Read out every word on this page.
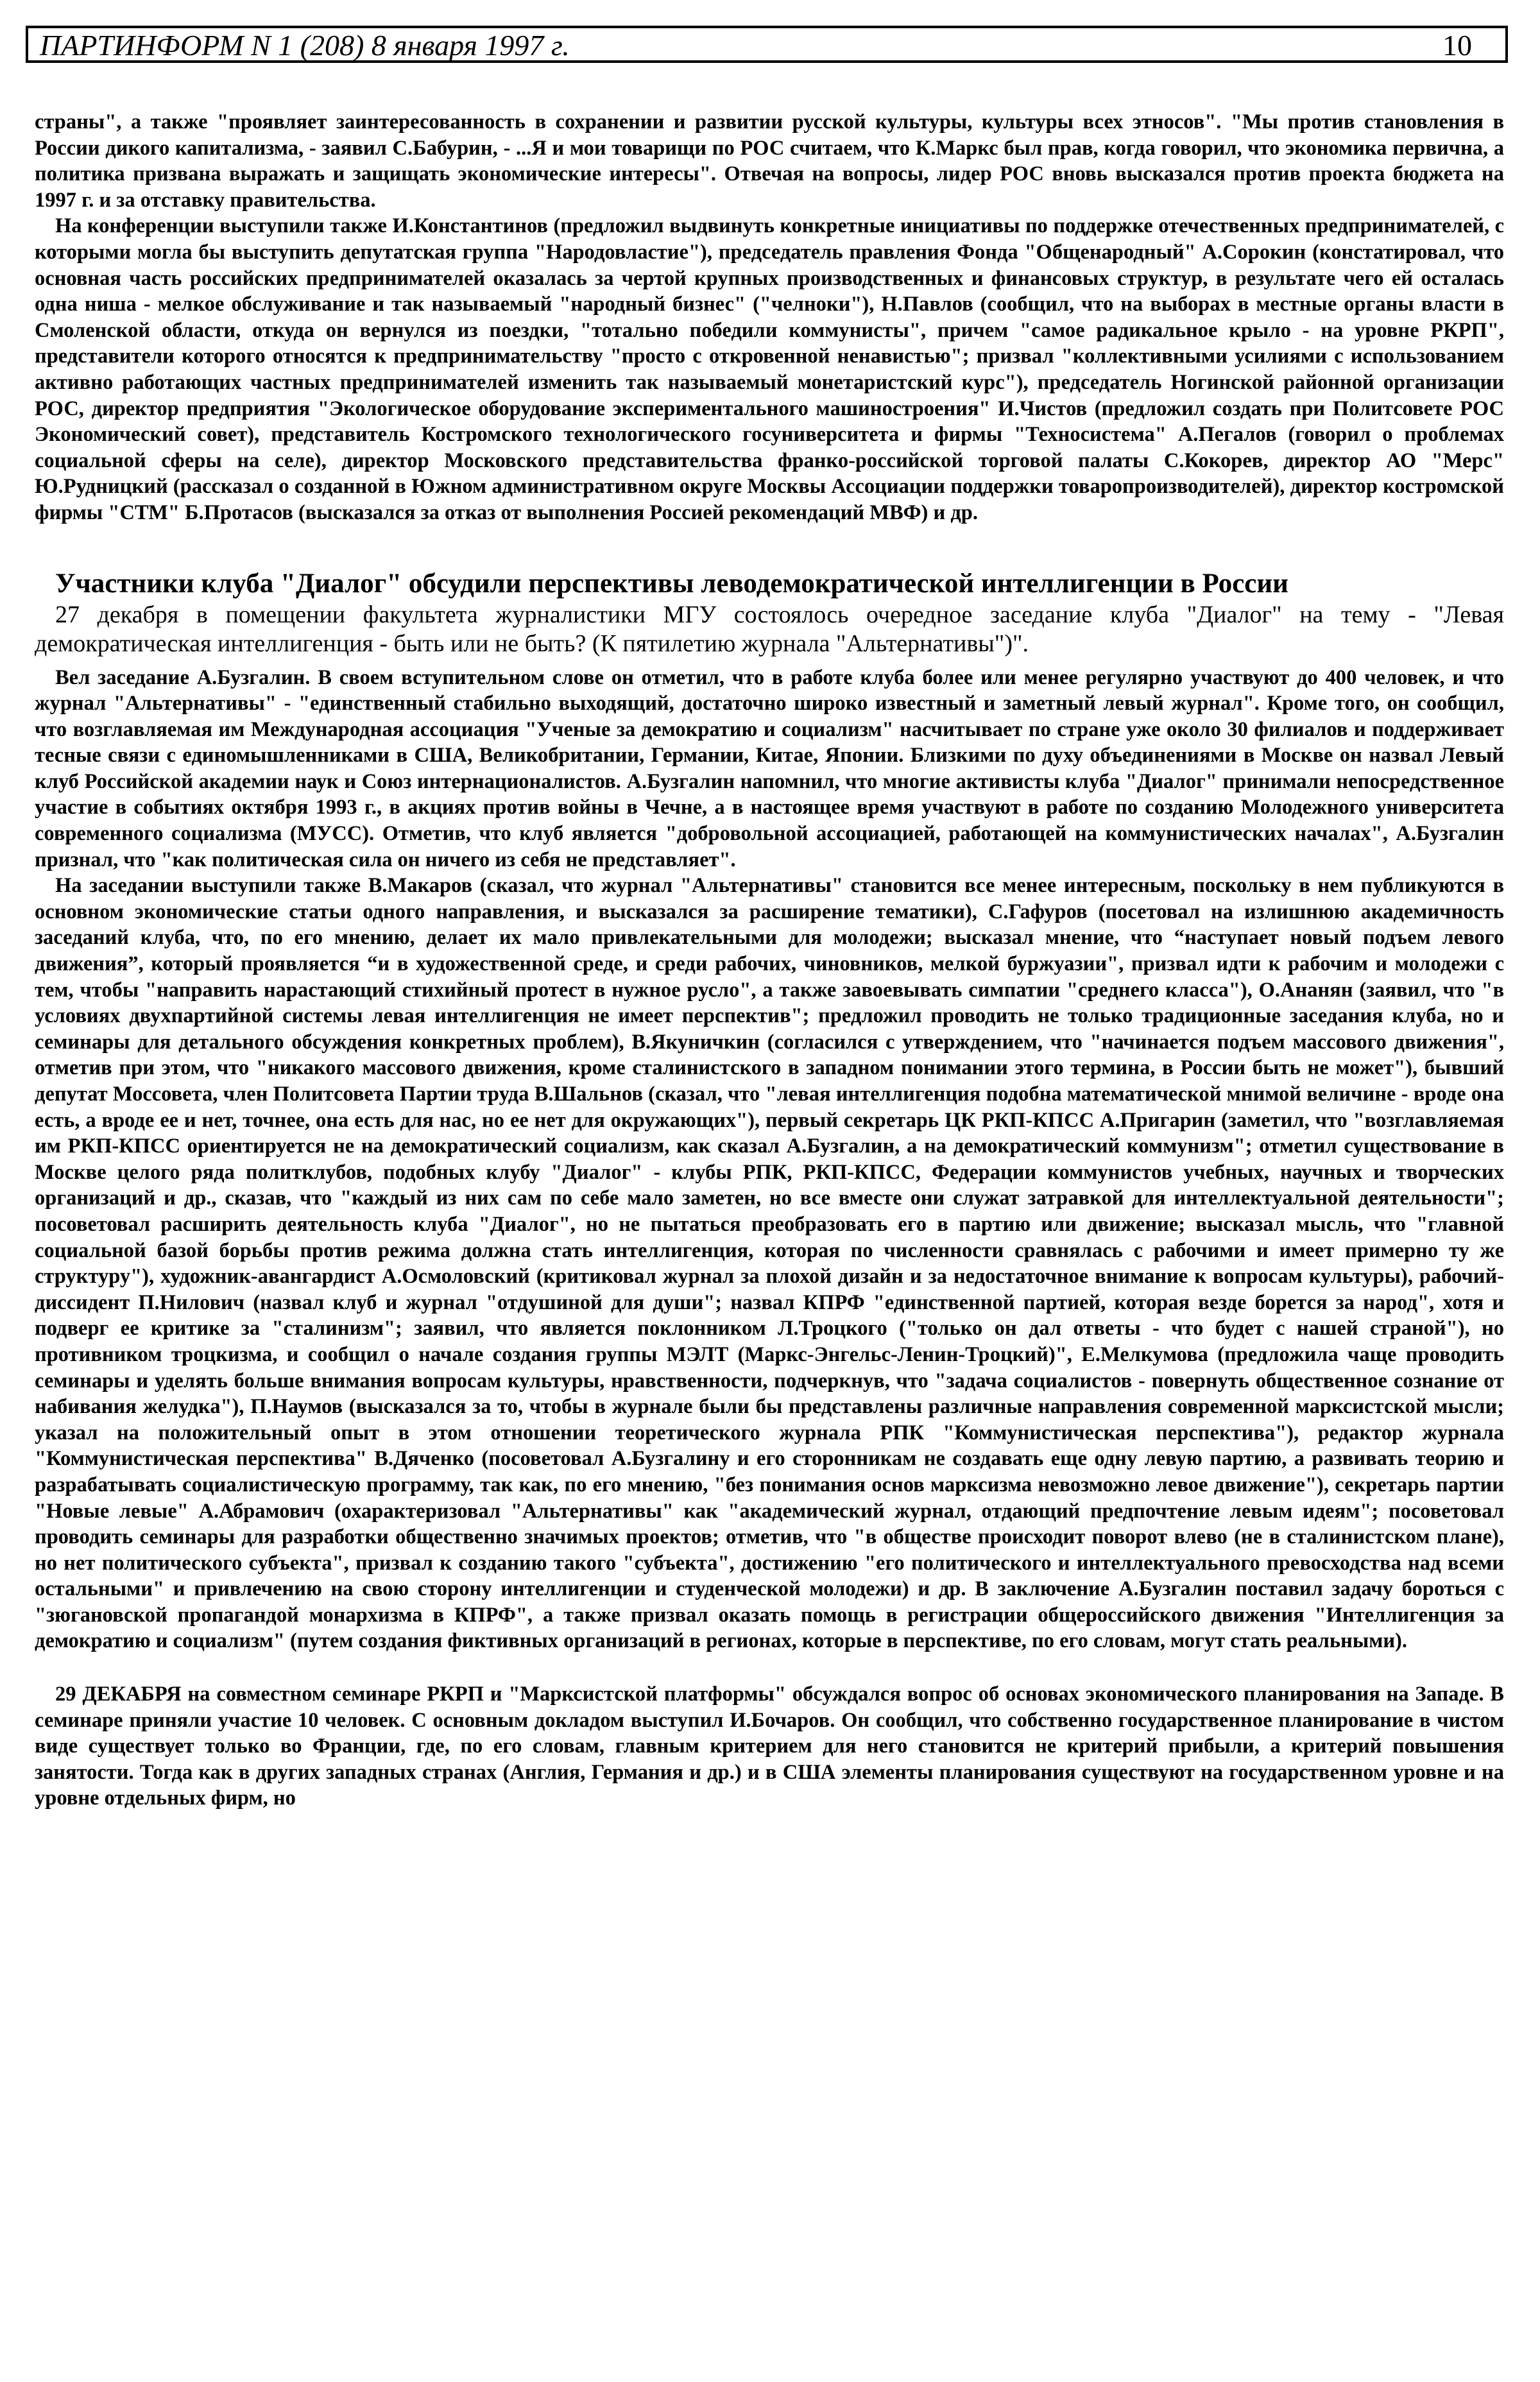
ПАРТИНФОРМ N 1 (208) 8 января 1997 г.	10

страны", а также "проявляет заинтересованность в сохранении и развитии русской культуры, культуры всех этносов". "Мы против становления в России дикого капитализма, - заявил С.Бабурин, - ...Я и мои товарищи по РОС считаем, что К.Маркс был прав, когда говорил, что экономика первична, а политика призвана выражать и защищать экономические интересы". Отвечая на вопросы, лидер РОС вновь высказался против проекта бюджета на 1997 г. и за отставку правительства.

На конференции выступили также И.Константинов (предложил выдвинуть конкретные инициативы по поддержке отечественных предпринимателей, с которыми могла бы выступить депутатская группа "Народовластие"), председатель правления Фонда "Общенародный" А.Сорокин (констатировал, что основная часть российских предпринимателей оказалась за чертой крупных производственных и финансовых структур, в результате чего ей осталась одна ниша - мелкое обслуживание и так называемый "народный бизнес" ("челноки"), Н.Павлов (сообщил, что на выборах в местные органы власти в Смоленской области, откуда он вернулся из поездки, "тотально победили коммунисты", причем "самое радикальное крыло - на уровне РКРП", представители которого относятся к предпринимательству "просто с откровенной ненавистью"; призвал "коллективными усилиями с использованием активно работающих частных предпринимателей изменить так называемый монетаристский курс"), председатель Ногинской районной организации РОС, директор предприятия "Экологическое оборудование экспериментального машиностроения" И.Чистов (предложил создать при Политсовете РОС Экономический совет), представитель Костромского технологического госуниверситета и фирмы "Техносистема" А.Пегалов (говорил о проблемах социальной сферы на селе), директор Московского представительства франко-российской торговой палаты С.Кокорев, директор АО "Мерс" Ю.Рудницкий (рассказал о созданной в Южном административном округе Москвы Ассоциации поддержки товаропроизводителей), директор костромской фирмы "СТМ" Б.Протасов (высказался за отказ от выполнения Россией рекомендаций МВФ) и др.

Участники клуба "Диалог" обсудили перспективы леводемократической интеллигенции в России

27 декабря в помещении факультета журналистики МГУ состоялось очередное заседание клуба "Диалог" на тему - "Левая демократическая интеллигенция - быть или не быть? (К пятилетию журнала "Альтернативы")".

Вел заседание А.Бузгалин. В своем вступительном слове он отметил, что в работе клуба более или менее регулярно участвуют до 400 человек, и что журнал "Альтернативы" - "единственный стабильно выходящий, достаточно широко известный и заметный левый журнал". Кроме того, он сообщил, что возглавляемая им Международная ассоциация "Ученые за демократию и социализм" насчитывает по стране уже около 30 филиалов и поддерживает тесные связи с единомышленниками в США, Великобритании, Германии, Китае, Японии. Близкими по духу объединениями в Москве он назвал Левый клуб Российской академии наук и Союз интернационалистов. А.Бузгалин напомнил, что многие активисты клуба "Диалог" принимали непосредственное участие в событиях октября 1993 г., в акциях против войны в Чечне, а в настоящее время участвуют в работе по созданию Молодежного университета современного социализма (МУСС). Отметив, что клуб является "добровольной ассоциацией, работающей на коммунистических началах", А.Бузгалин признал, что "как политическая сила он ничего из себя не представляет".

На заседании выступили также В.Макаров (сказал, что журнал "Альтернативы" становится все менее интересным, поскольку в нем публикуются в основном экономические статьи одного направления, и высказался за расширение тематики), С.Гафуров (посетовал на излишнюю академичность заседаний клуба, что, по его мнению, делает их мало привлекательными для молодежи; высказал мнение, что “наступает новый подъем левого движения”, который проявляется “и в художественной среде, и среди рабочих, чиновников, мелкой буржуазии", призвал идти к рабочим и молодежи с тем, чтобы "направить нарастающий стихийный протест в нужное русло", а также завоевывать симпатии "среднего класса"), О.Ананян (заявил, что "в условиях двухпартийной системы левая интеллигенция не имеет перспектив"; предложил проводить не только традиционные заседания клуба, но и семинары для детального обсуждения конкретных проблем), В.Якуничкин (согласился с утверждением, что "начинается подъем массового движения", отметив при этом, что "никакого массового движения, кроме сталинистского в западном понимании этого термина, в России быть не может"), бывший депутат Моссовета, член Политсовета Партии труда В.Шальнов (сказал, что "левая интеллигенция подобна математической мнимой величине - вроде она есть, а вроде ее и нет, точнее, она есть для нас, но ее нет для окружающих"), первый секретарь ЦК РКП-КПСС А.Пригарин (заметил, что "возглавляемая им РКП-КПСС ориентируется не на демократический социализм, как сказал А.Бузгалин, а на демократический коммунизм"; отметил существование в Москве целого ряда политклубов, подобных клубу "Диалог" - клубы РПК, РКП-КПСС, Федерации коммунистов учебных, научных и творческих организаций и др., сказав, что "каждый из них сам по себе мало заметен, но все вместе они служат затравкой для интеллектуальной деятельности"; посоветовал расширить деятельность клуба "Диалог", но не пытаться преобразовать его в партию или движение; высказал мысль, что "главной социальной базой борьбы против режима должна стать интеллигенция, которая по численности сравнялась с рабочими и имеет примерно ту же структуру"), художник-авангардист А.Осмоловский (критиковал журнал за плохой дизайн и за недостаточное внимание к вопросам культуры), рабочий-диссидент П.Нилович (назвал клуб и журнал "отдушиной для души"; назвал КПРФ "единственной партией, которая везде борется за народ", хотя и подверг ее критике за "сталинизм"; заявил, что является поклонником Л.Троцкого ("только он дал ответы - что будет с нашей страной"), но противником троцкизма, и сообщил о начале создания группы МЭЛТ (Маркс-Энгельс-Ленин-Троцкий)", Е.Мелкумова (предложила чаще проводить семинары и уделять больше внимания вопросам культуры, нравственности, подчеркнув, что "задача социалистов - повернуть общественное сознание от набивания желудка"), П.Наумов (высказался за то, чтобы в журнале были бы представлены различные направления современной марксистской мысли; указал на положительный опыт в этом отношении теоретического журнала РПК "Коммунистическая перспектива"), редактор журнала "Коммунистическая перспектива" В.Дяченко (посоветовал А.Бузгалину и его сторонникам не создавать еще одну левую партию, а развивать теорию и разрабатывать социалистическую программу, так как, по его мнению, "без понимания основ марксизма невозможно левое движение"), секретарь партии "Новые левые" А.Абрамович (охарактеризовал "Альтернативы" как "академический журнал, отдающий предпочтение левым идеям"; посоветовал проводить семинары для разработки общественно значимых проектов; отметив, что "в обществе происходит поворот влево (не в сталинистском плане), но нет политического субъекта", призвал к созданию такого "субъекта", достижению "его политического и интеллектуального превосходства над всеми остальными" и привлечению на свою сторону интеллигенции и студенческой молодежи) и др. В заключение А.Бузгалин поставил задачу бороться с "зюгановской пропагандой монархизма в КПРФ", а также призвал оказать помощь в регистрации общероссийского движения "Интеллигенция за демократию и социализм" (путем создания фиктивных организаций в регионах, которые в перспективе, по его словам, могут стать реальными).

29 ДЕКАБРЯ на совместном семинаре РКРП и "Марксистской платформы" обсуждался вопрос об основах экономического планирования на Западе. В семинаре приняли участие 10 человек. С основным докладом выступил И.Бочаров. Он сообщил, что собственно государственное планирование в чистом виде существует только во Франции, где, по его словам, главным критерием для него становится не критерий прибыли, а критерий повышения занятости. Тогда как в других западных странах (Англия, Германия и др.) и в США элементы планирования существуют на государственном уровне и на уровне отдельных фирм, но
